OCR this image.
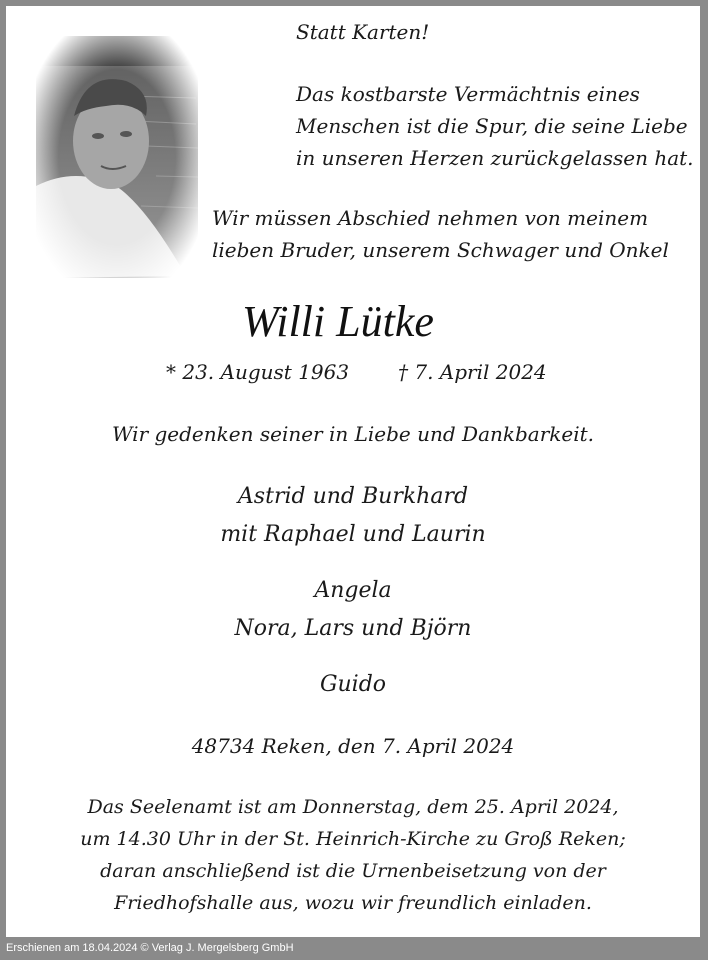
Statt Karten!
Das kostbarste Vermächtnis eines
Menschen ist die Spur, die seine Liebe
in unseren Herzen zurückgelassen hat.
Wir müssen Abschied nehmen von meinem
lieben Bruder, unserem Schwager und Onkel
Willi Lütke
* 23. August 1963 † 7. April 2024
Wir gedenken seiner in Liebe und Dankbarkeit.
Astrid und Burkhard
mit Raphael und Laurin
Angela
Nora, Lars und Björn
Guido
48734 Reken, den 7. April 2024
Das Seelenamt ist am Donnerstag, dem 25. April 2024,
um 14.30 Uhr in der St. Heinrich-Kirche zu Groß Reken;
daran anschließend ist die Urnenbeisetzung von der
Friedhofshalle aus, wozu wir freundlich einladen.
Erschienen am 18.04.2024 © Verlag J. Mergelsberg GmbH
